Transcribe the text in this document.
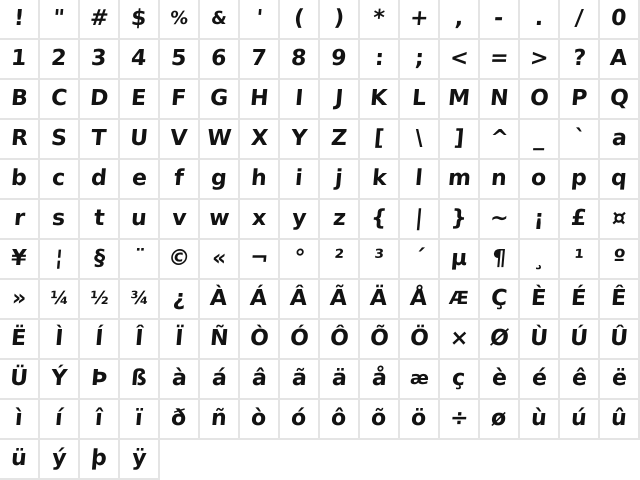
! " # $ % & ' ( ) * + , - . / 0
1 2 3 4 5 6 7 8 9 : ; < = > ? A
B C D E F G H I J K L M N O P Q
R S T U V W X Y Z [ \ ] ^ _ ` a
b c d e f g h i j k l m n o p q
r s t u v w x y z { | } ~ ¡ £ ¤
¥ ¦ § ¨ © « ¬ ° ² ³ ´ µ ¶ ¸ ¹ º
» ¼ ½ ¾ ¿ À Á Â Ã Ä Å Æ Ç È É Ê
Ë Ì Í Î Ï Ñ Ò Ó Ô Õ Ö × Ø Ù Ú Û
Ü Ý Þ ß à á â ã ä å æ ç è é ê ë
ì í î ï ð ñ ò ó ô õ ö ÷ ø ù ú û
ü ý þ ÿ
